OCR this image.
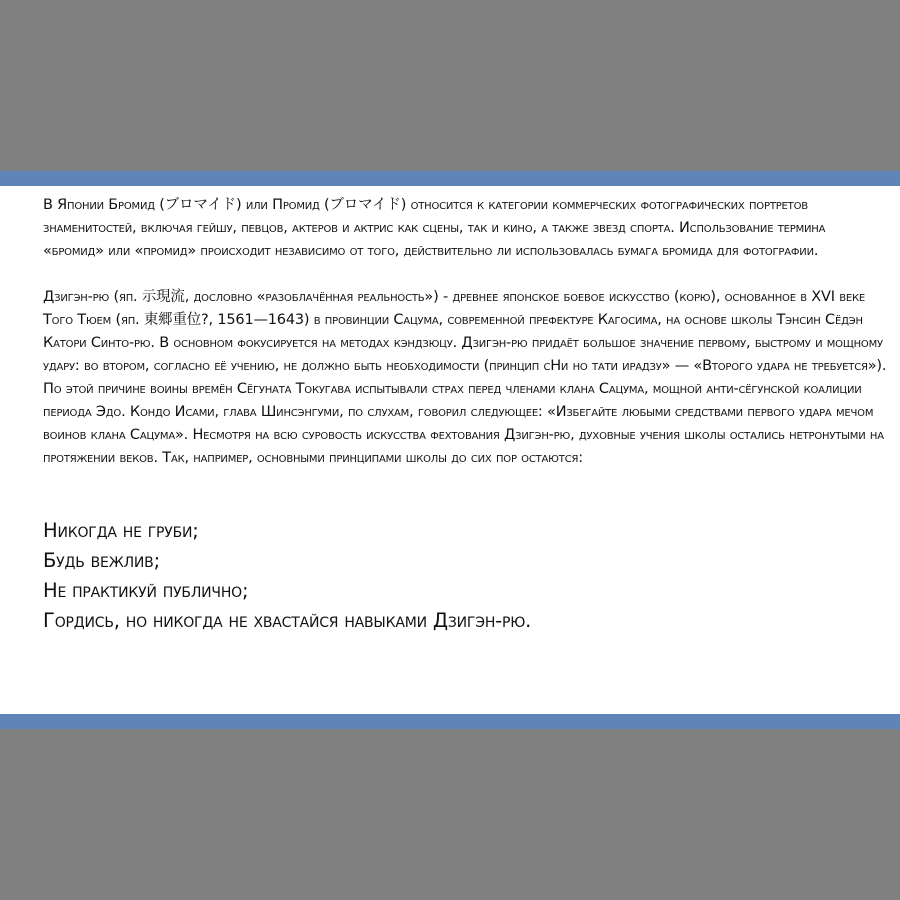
В Японии Бромид (ブロマイド) или Промид (ブロマイド) относится к категории коммерческих фотографических портретов знаменитостей, включая гейшу, певцов, актеров и актрис как сцены, так и кино, а также звезд спорта. Использование термина «бромид» или «промид» происходит независимо от того, действительно ли использовалась бумага бромида для фотографии.

Дзигэн-рю (яп. 示現流, дословно «разоблачённая реальность») - древнее японское боевое искусство (корю), основанное в XVI веке Того Тюем (яп. 東郷重位?, 1561—1643) в провинции Сацума, современной префектуре Кагосима, на основе школы Тэнсин Сёдэн Катори Синто-рю. В основном фокусируется на методах кэндзюцу. Дзигэн-рю придаёт большое значение первому, быстрому и мощному удару: во втором, согласно её учению, не должно быть необходимости (принцип сНи но тати ирадзу» — «Второго удара не требуется»). По этой причине воины времён Сёгуната Токугава испытывали страх перед членами клана Сацума, мощной анти-сёгунской коалиции периода Эдо. Кондо Исами, глава Шинсэнгуми, по слухам, говорил следующее: «Избегайте любыми средствами первого удара мечом воинов клана Сацума». Несмотря на всю суровость искусства фехтования Дзигэн-рю, духовные учения школы остались нетронутыми на протяжении веков. Так, например, основными принципами школы до сих пор остаются:

Никогда не груби;
Будь вежлив;
Не практикуй публично;
Гордись, но никогда не хвастайся навыками Дзигэн-рю.
